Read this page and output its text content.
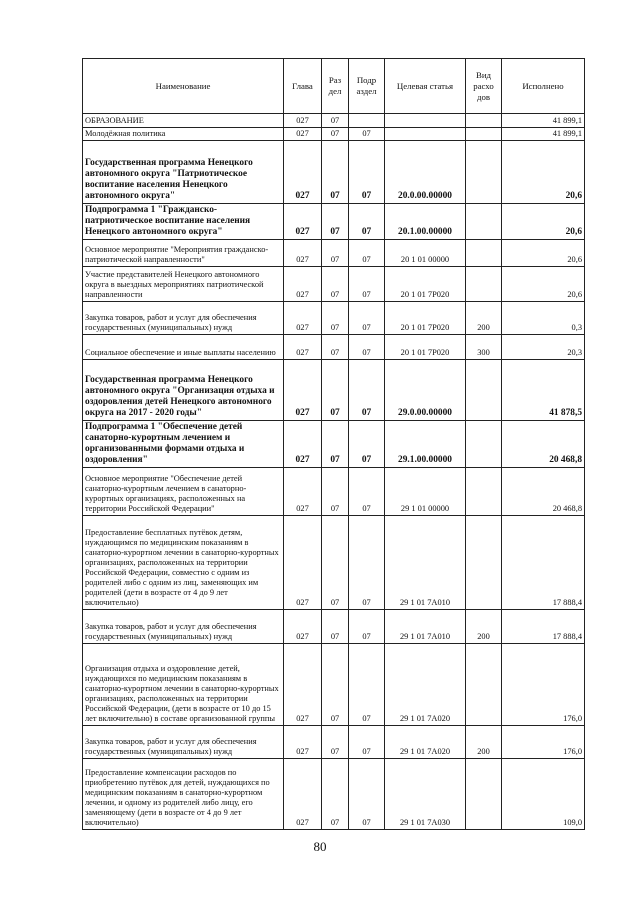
Наименование	Глава	Раз дел	Подр аздел	Целевая статья	Вид расхо дов	Исполнено
ОБРАЗОВАНИЕ	027	07				41 899,1
Молодёжная политика	027	07	07			41 899,1
Государственная программа Ненецкого автономного округа "Патриотическое воспитание населения Ненецкого автономного округа"	027	07	07	20.0.00.00000		20,6
Подпрограмма 1 "Гражданско-патриотическое воспитание населения Ненецкого автономного округа"	027	07	07	20.1.00.00000		20,6
Основное мероприятие "Мероприятия гражданско-патриотической направленности"	027	07	07	20 1 01 00000		20,6
Участие представителей Ненецкого автономного округа в выездных мероприятиях патриотической направленности	027	07	07	20 1 01 7P020		20,6
Закупка товаров, работ и услуг для обеспечения государственных (муниципальных) нужд	027	07	07	20 1 01 7P020	200	0,3
Социальное обеспечение и иные выплаты населению	027	07	07	20 1 01 7P020	300	20,3
Государственная программа Ненецкого автономного округа "Организация отдыха и оздоровления детей Ненецкого автономного округа на 2017 - 2020 годы"	027	07	07	29.0.00.00000		41 878,5
Подпрограмма 1 "Обеспечение детей санаторно-курортным лечением и организованными формами отдыха и оздоровления"	027	07	07	29.1.00.00000		20 468,8
Основное мероприятие "Обеспечение детей санаторно-курортным лечением в санаторно-курортных организациях, расположенных на территории Российской Федерации"	027	07	07	29 1 01 00000		20 468,8
Предоставление бесплатных путёвок детям, нуждающимся по медицинским показаниям в санаторно-курортном лечении в санаторно-курортных организациях, расположенных на территории Российской Федерации, совместно с одним из родителей либо с одним из лиц, заменяющих им родителей (дети в возрасте от 4 до 9 лет включительно)	027	07	07	29 1 01 7A010		17 888,4
Закупка товаров, работ и услуг для обеспечения государственных (муниципальных) нужд	027	07	07	29 1 01 7A010	200	17 888,4
Организация отдыха и оздоровление детей, нуждающихся по медицинским показаниям в санаторно-курортном лечении в санаторно-курортных организациях, расположенных на территории Российской Федерации, (дети в возрасте от 10 до 15 лет включительно) в составе организованной группы	027	07	07	29 1 01 7A020		176,0
Закупка товаров, работ и услуг для обеспечения государственных (муниципальных) нужд	027	07	07	29 1 01 7A020	200	176,0
Предоставление компенсации расходов по приобретению путёвок для детей, нуждающихся по медицинским показаниям в санаторно-курортном лечении, и одному из родителей либо лицу, его заменяющему (дети в возрасте от 4 до 9 лет включительно)	027	07	07	29 1 01 7A030		109,0
80
